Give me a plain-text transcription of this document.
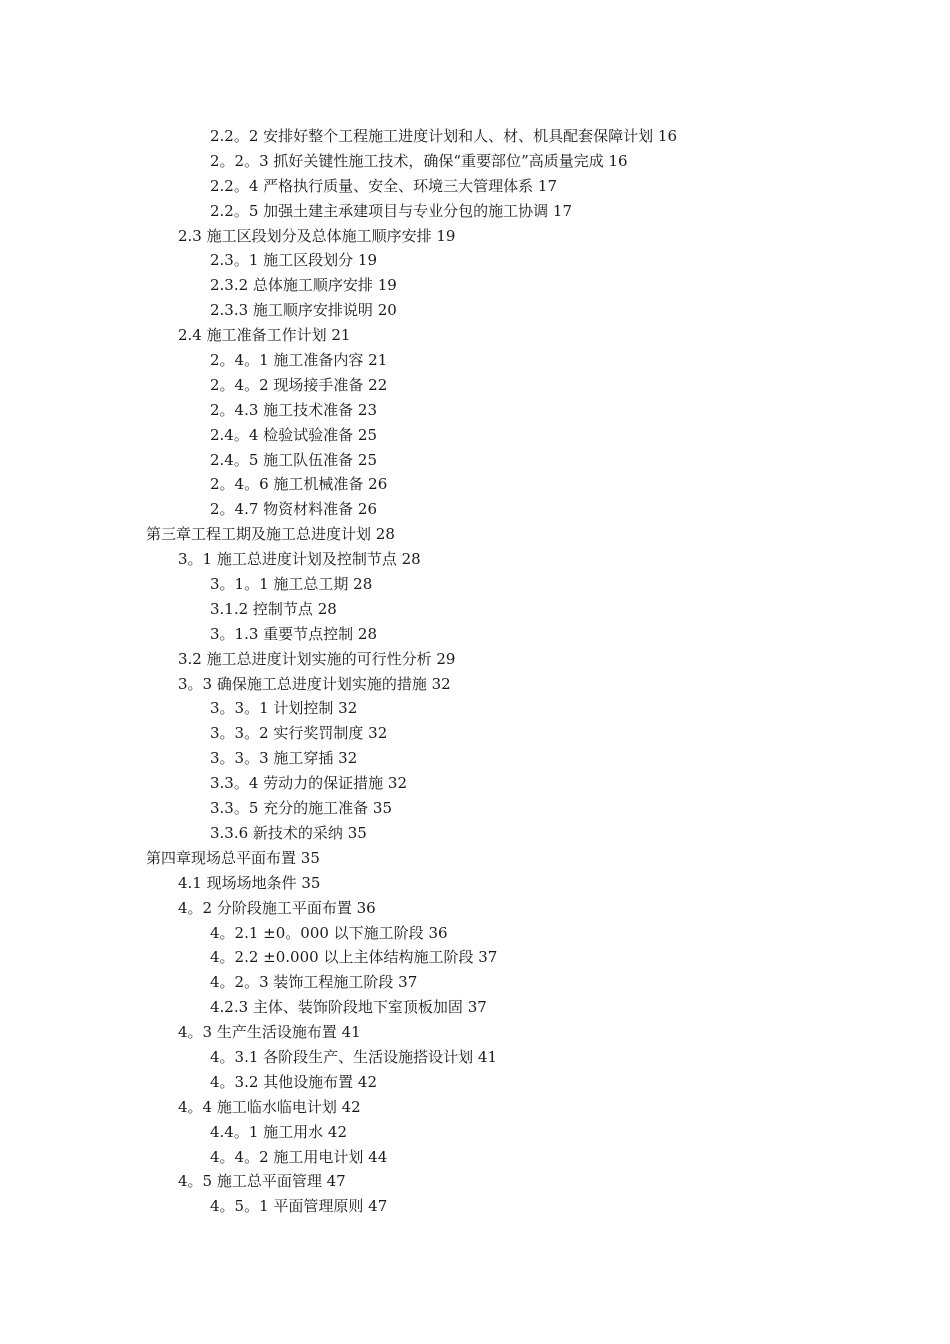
2.2。2 安排好整个工程施工进度计划和人、材、机具配套保障计划 16
2。2。3 抓好关键性施工技术，确保“重要部位”高质量完成 16
2.2。4 严格执行质量、安全、环境三大管理体系 17
2.2。5 加强土建主承建项目与专业分包的施工协调 17
2.3 施工区段划分及总体施工顺序安排 19
2.3。1 施工区段划分 19
2.3.2 总体施工顺序安排 19
2.3.3 施工顺序安排说明 20
2.4 施工准备工作计划 21
2。4。1 施工准备内容 21
2。4。2 现场接手准备 22
2。4.3 施工技术准备 23
2.4。4 检验试验准备 25
2.4。5 施工队伍准备 25
2。4。6 施工机械准备 26
2。4.7 物资材料准备 26
第三章工程工期及施工总进度计划 28
3。1 施工总进度计划及控制节点 28
3。1。1 施工总工期 28
3.1.2 控制节点 28
3。1.3 重要节点控制 28
3.2 施工总进度计划实施的可行性分析 29
3。3 确保施工总进度计划实施的措施 32
3。3。1 计划控制 32
3。3。2 实行奖罚制度 32
3。3。3 施工穿插 32
3.3。4 劳动力的保证措施 32
3.3。5 充分的施工准备 35
3.3.6 新技术的采纳 35
第四章现场总平面布置 35
4.1 现场场地条件 35
4。2 分阶段施工平面布置 36
4。2.1 ±0。000 以下施工阶段 36
4。2.2 ±0.000 以上主体结构施工阶段 37
4。2。3 装饰工程施工阶段 37
4.2.3 主体、装饰阶段地下室顶板加固 37
4。3 生产生活设施布置 41
4。3.1 各阶段生产、生活设施搭设计划 41
4。3.2 其他设施布置 42
4。4 施工临水临电计划 42
4.4。1 施工用水 42
4。4。2 施工用电计划 44
4。5 施工总平面管理 47
4。5。1 平面管理原则 47
